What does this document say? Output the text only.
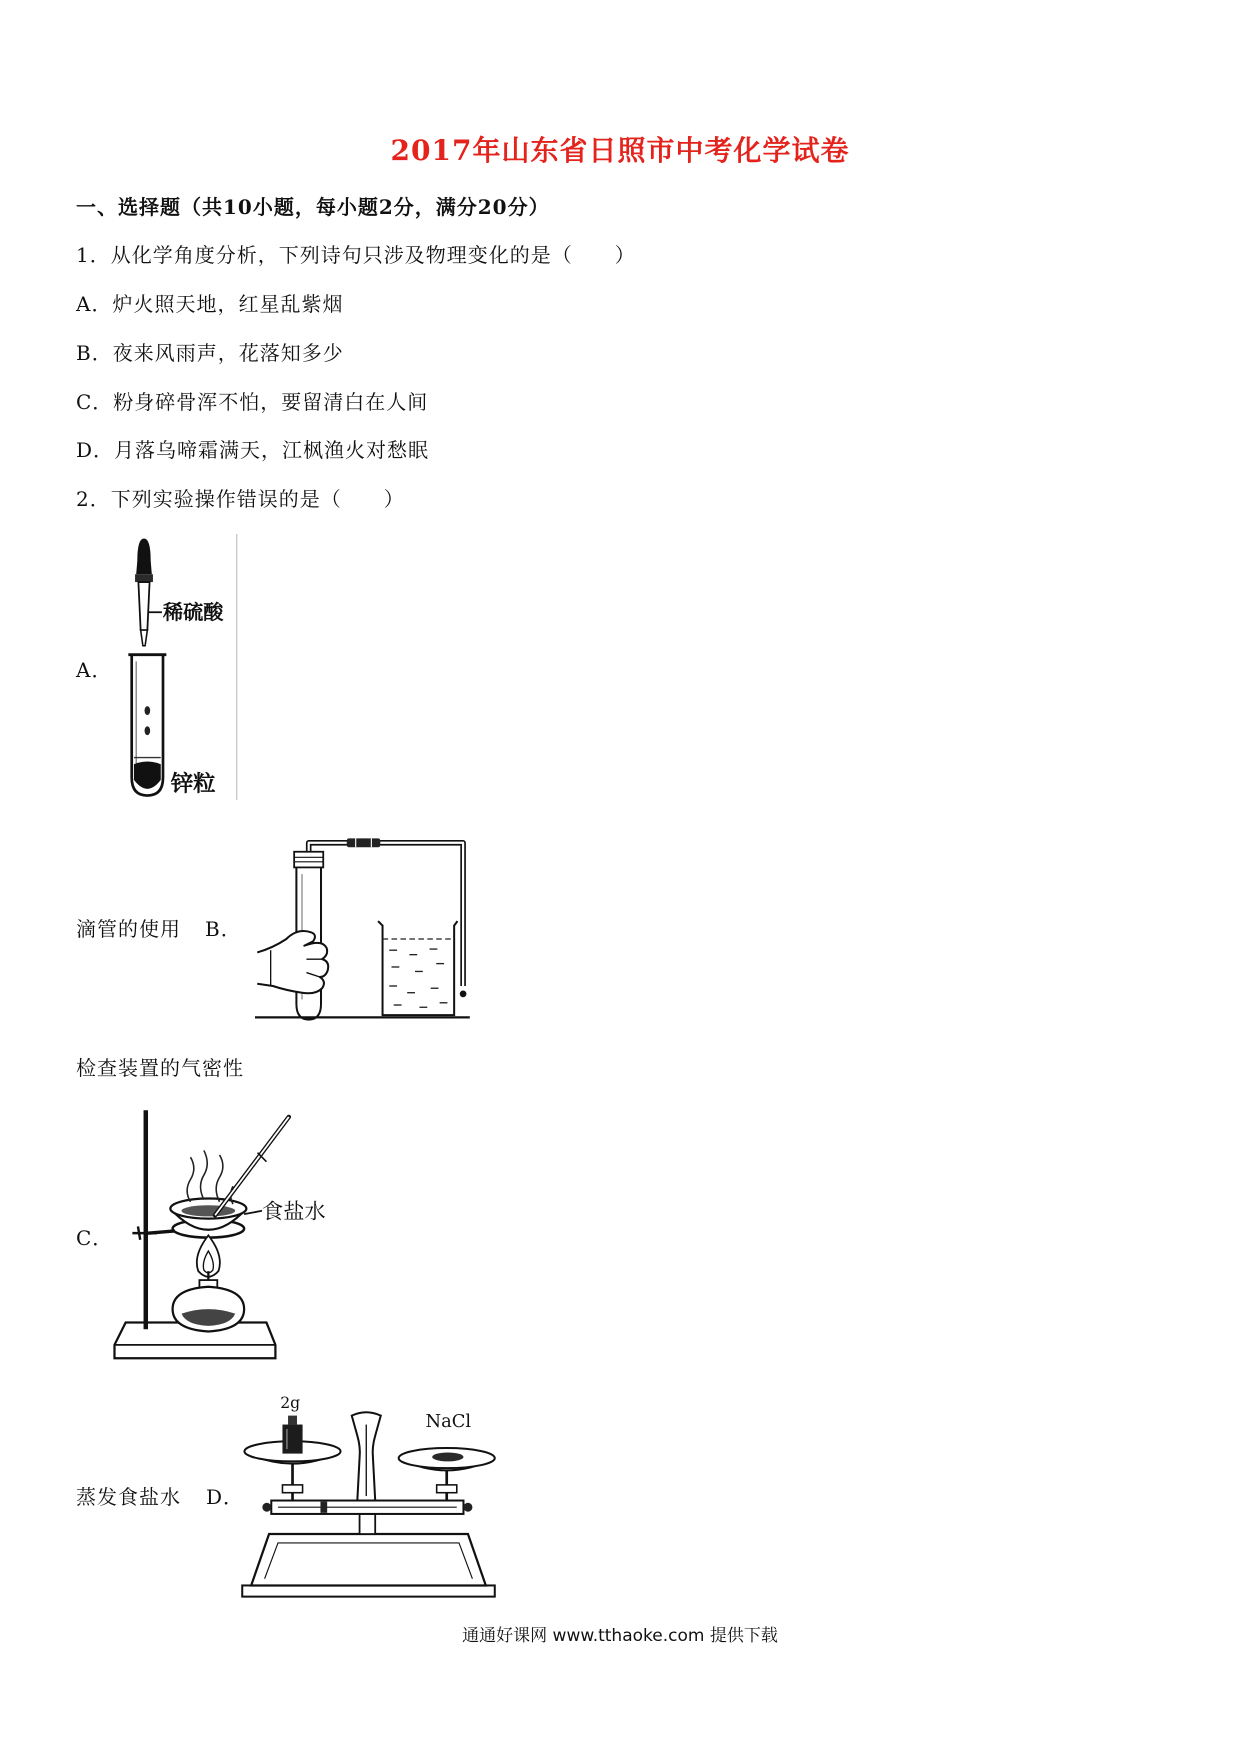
2017年山东省日照市中考化学试卷
一、选择题（共10小题，每小题2分，满分20分）
1．从化学角度分析，下列诗句只涉及物理变化的是（　　）
A．炉火照天地，红星乱紫烟
B．夜来风雨声，花落知多少
C．粉身碎骨浑不怕，要留清白在人间
D．月落乌啼霜满天，江枫渔火对愁眠
2．下列实验操作错误的是（　　）
A．
稀硫酸
锌粒
滴管的使用 B．
检查装置的气密性
C．
食盐水
蒸发食盐水 D．
2g
NaCl
通通好课网 www.tthaoke.com 提供下载
